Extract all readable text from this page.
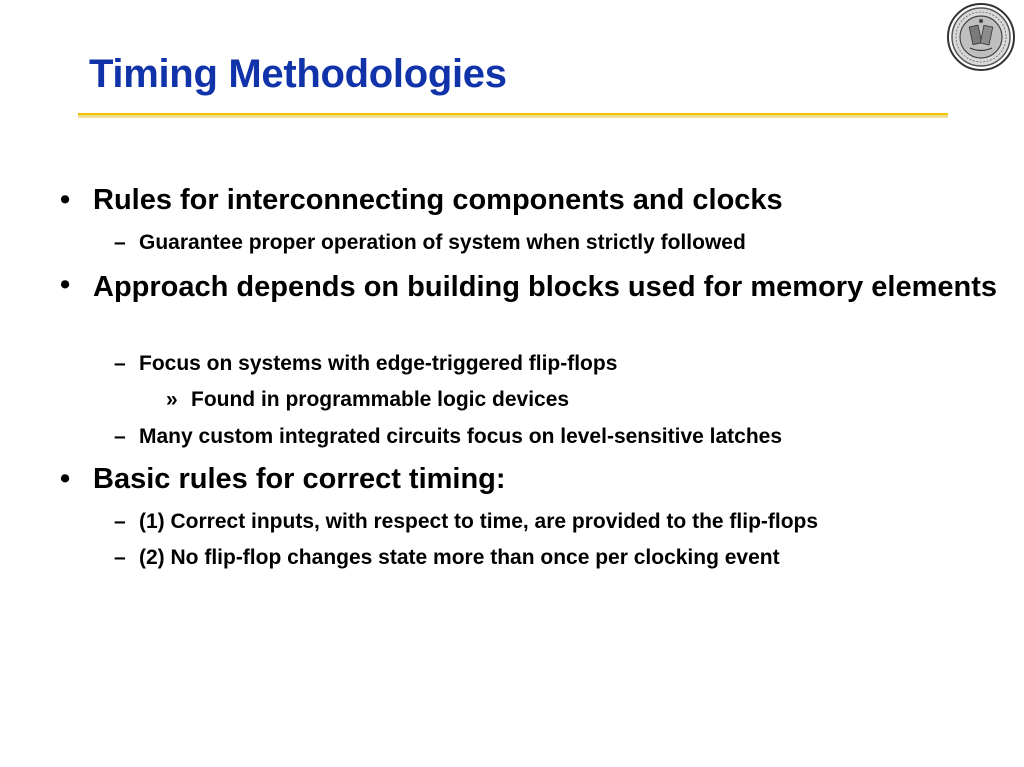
Timing Methodologies
• Rules for interconnecting components and clocks
– Guarantee proper operation of system when strictly followed
• Approach depends on building blocks used for memory elements
– Focus on systems with edge-triggered flip-flops
» Found in programmable logic devices
– Many custom integrated circuits focus on level-sensitive latches
• Basic rules for correct timing:
– (1) Correct inputs, with respect to time, are provided to the flip-flops
– (2) No flip-flop changes state more than once per clocking event
